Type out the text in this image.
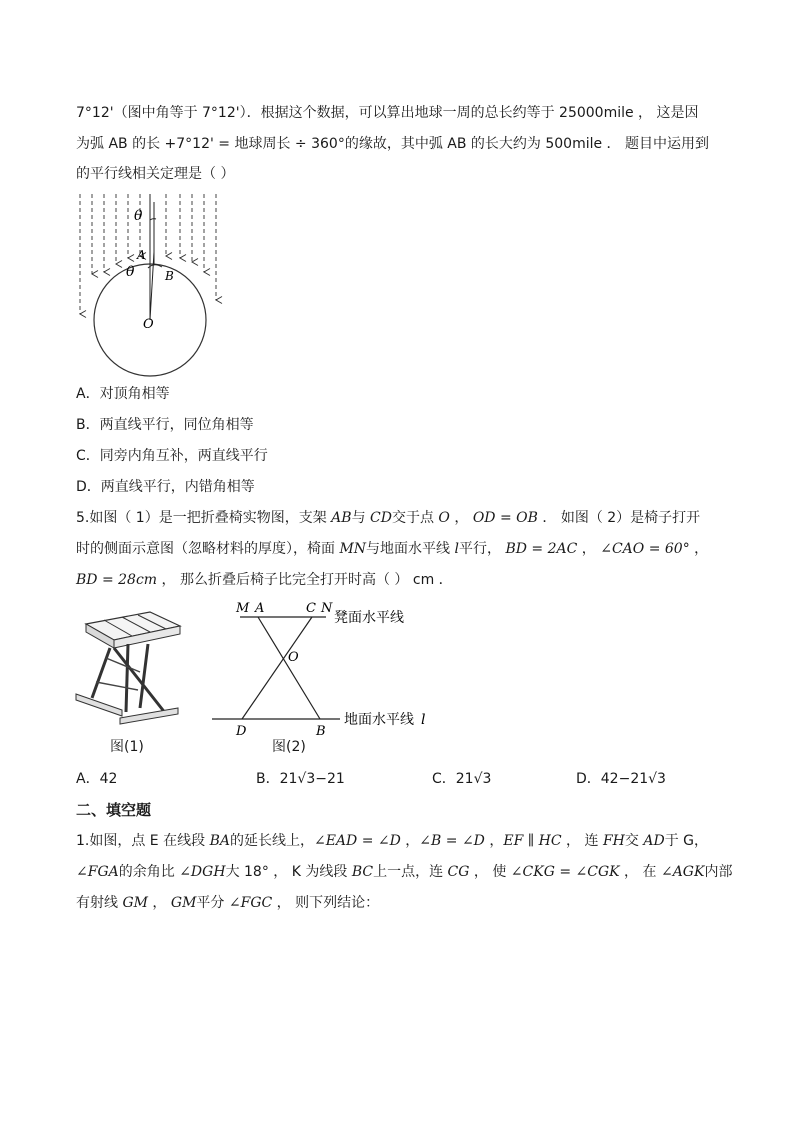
7°12'（图中角等于 7°12'）．根据这个数据，可以算出地球一周的总长约等于 25000mile ， 这是因
为弧 AB 的长 +7°12' = 地球周长 ÷ 360°的缘故，其中弧 AB 的长大约为 500mile ． 题目中运用到
的平行线相关定理是（ ）
θ
A
θ	B
O
A．对顶角相等
B．两直线平行，同位角相等
C．同旁内角互补，两直线平行
D．两直线平行，内错角相等
5.如图（ 1）是一把折叠椅实物图，支架 AB与 CD交于点 O ， OD = OB ． 如图（ 2）是椅子打开
时的侧面示意图（忽略材料的厚度），椅面 MN与地面水平线 l平行， BD = 2AC ， ∠CAO = 60° ，
BD = 28cm ， 那么折叠后椅子比完全打开时高（ ） cm ．
图(1)
M A	C N
O
D	B
凳面水平线
地面水平线 l
图(2)
A．42	B．21√3−21	C．21√3	D．42−21√3
二、填空题
1.如图，点 E 在线段 BA的延长线上，∠EAD = ∠D ，∠B = ∠D ，EF ∥ HC ， 连 FH交 AD于 G，
∠FGA的余角比 ∠DGH大 18° ， K 为线段 BC上一点，连 CG ， 使 ∠CKG = ∠CGK ， 在 ∠AGK内部
有射线 GM ， GM平分 ∠FGC ， 则下列结论：
